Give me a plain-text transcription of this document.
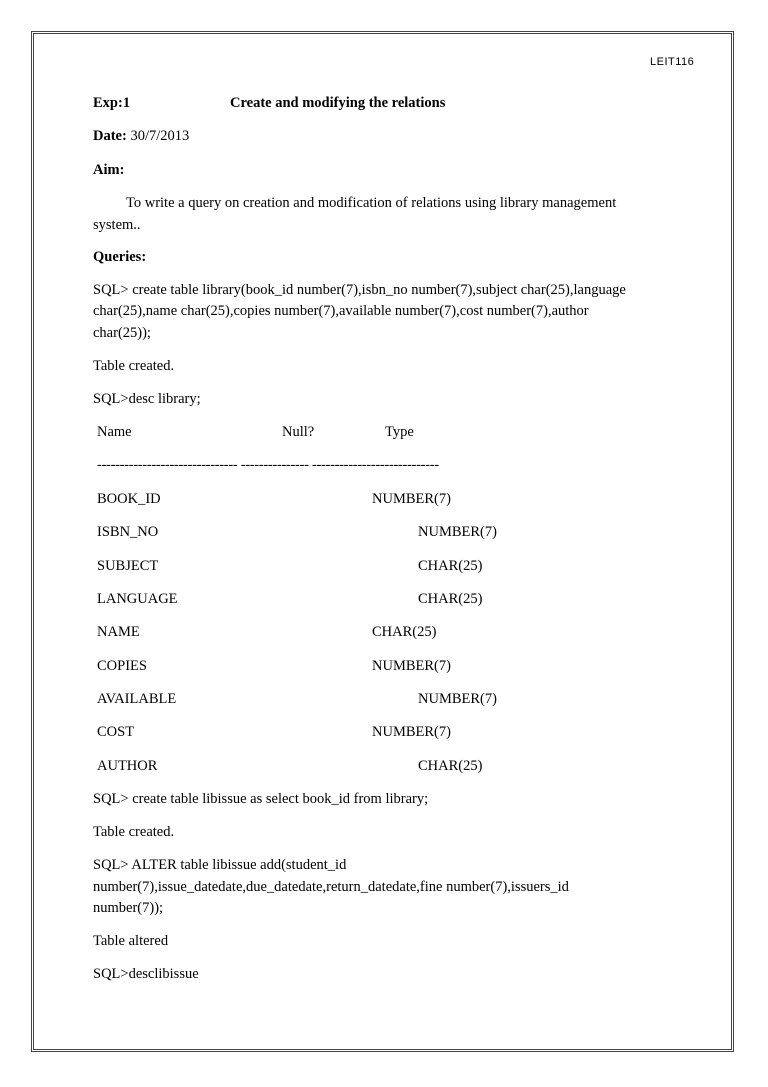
LEIT116
Exp:1	Create and modifying the relations
Date: 30/7/2013
Aim:
To write a query on creation and modification of relations using library management
system..
Queries:
SQL> create table library(book_id number(7),isbn_no number(7),subject char(25),language
char(25),name char(25),copies number(7),available number(7),cost number(7),author
char(25));
Table created.
SQL>desc library;
Name	Null?	Type
------------------------------- --------------- ----------------------------
BOOK_ID	NUMBER(7)
ISBN_NO	NUMBER(7)
SUBJECT	CHAR(25)
LANGUAGE	CHAR(25)
NAME	CHAR(25)
COPIES	NUMBER(7)
AVAILABLE	NUMBER(7)
COST	NUMBER(7)
AUTHOR	CHAR(25)
SQL> create table libissue as select book_id from library;
Table created.
SQL> ALTER table libissue add(student_id
number(7),issue_datedate,due_datedate,return_datedate,fine number(7),issuers_id
number(7));
Table altered
SQL>desclibissue
